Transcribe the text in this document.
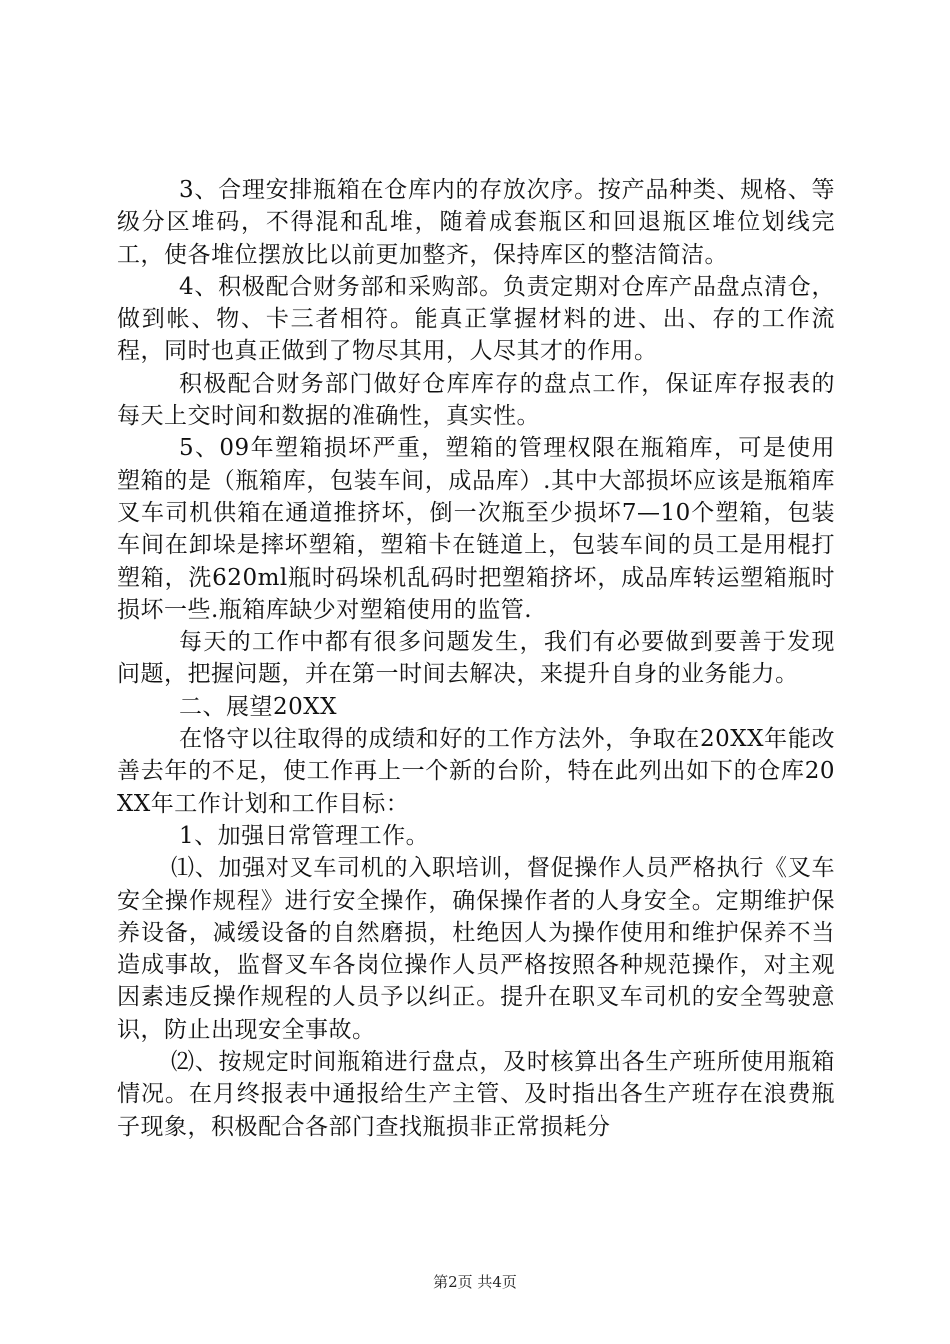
3、合理安排瓶箱在仓库内的存放次序。按产品种类、规格、等级分区堆码，不得混和乱堆，随着成套瓶区和回退瓶区堆位划线完工，使各堆位摆放比以前更加整齐，保持库区的整洁简洁。

4、积极配合财务部和采购部。负责定期对仓库产品盘点清仓，做到帐、物、卡三者相符。能真正掌握材料的进、出、存的工作流程，同时也真正做到了物尽其用，人尽其才的作用。

积极配合财务部门做好仓库库存的盘点工作，保证库存报表的每天上交时间和数据的准确性，真实性。

5、09年塑箱损坏严重，塑箱的管理权限在瓶箱库，可是使用塑箱的是（瓶箱库，包装车间，成品库）.其中大部损坏应该是瓶箱库叉车司机供箱在通道推挤坏，倒一次瓶至少损坏7—10个塑箱，包装车间在卸垛是摔坏塑箱，塑箱卡在链道上，包装车间的员工是用棍打塑箱，洗620ml瓶时码垛机乱码时把塑箱挤坏，成品库转运塑箱瓶时损坏一些.瓶箱库缺少对塑箱使用的监管.

每天的工作中都有很多问题发生，我们有必要做到要善于发现问题，把握问题，并在第一时间去解决，来提升自身的业务能力。

二、展望20XX

在恪守以往取得的成绩和好的工作方法外，争取在20XX年能改善去年的不足，使工作再上一个新的台阶，特在此列出如下的仓库20XX年工作计划和工作目标：

1、加强日常管理工作。

⑴、加强对叉车司机的入职培训，督促操作人员严格执行《叉车安全操作规程》进行安全操作，确保操作者的人身安全。定期维护保养设备，减缓设备的自然磨损，杜绝因人为操作使用和维护保养不当造成事故，监督叉车各岗位操作人员严格按照各种规范操作，对主观因素违反操作规程的人员予以纠正。提升在职叉车司机的安全驾驶意识，防止出现安全事故。

⑵、按规定时间瓶箱进行盘点，及时核算出各生产班所使用瓶箱情况。在月终报表中通报给生产主管、及时指出各生产班存在浪费瓶子现象，积极配合各部门查找瓶损非正常损耗分

第2页 共4页
